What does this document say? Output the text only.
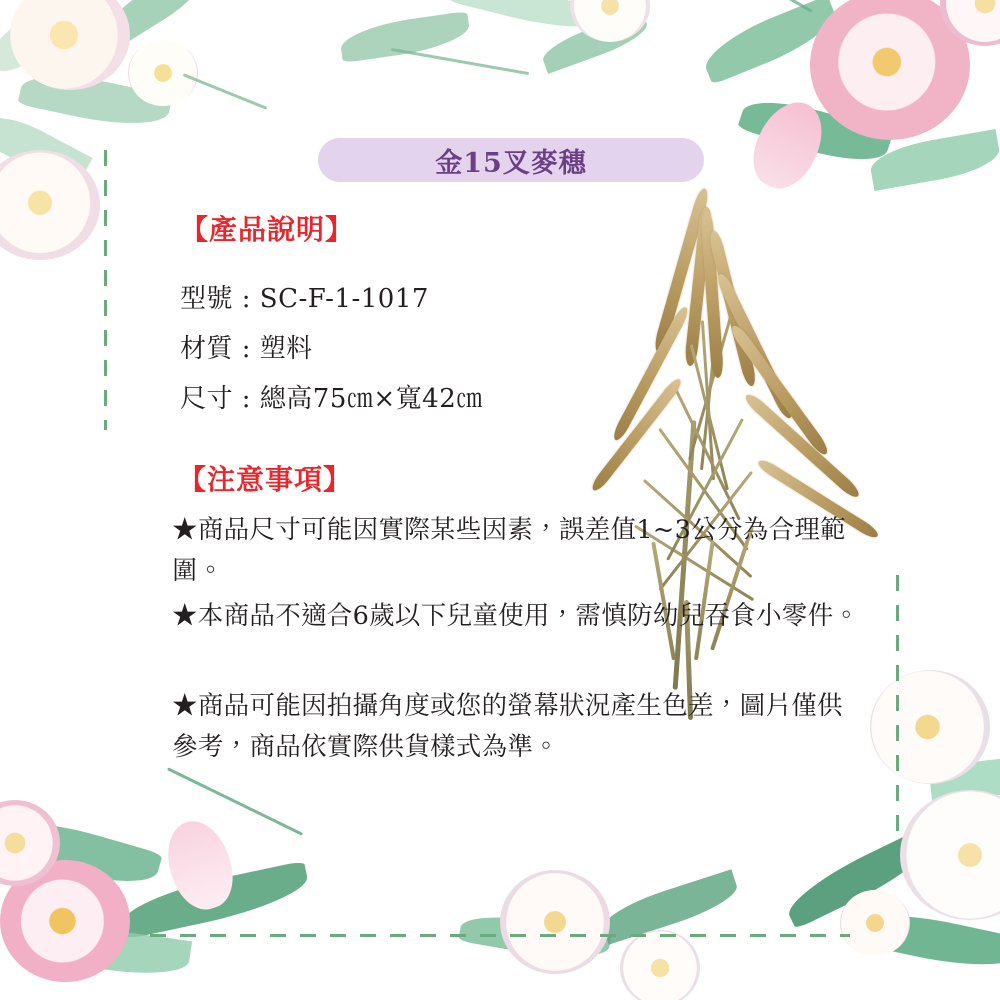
金15叉麥穗
【產品說明】
型號 : SC-F-1-1017
材質 : 塑料
尺寸 : 總高75㎝×寬42㎝
【注意事項】
★商品尺寸可能因實際某些因素，誤差值1~3公分為合理範圍。
★本商品不適合6歲以下兒童使用，需慎防幼兒吞食小零件。
★商品可能因拍攝角度或您的螢幕狀況產生色差，圖片僅供參考，商品依實際供貨樣式為準。
